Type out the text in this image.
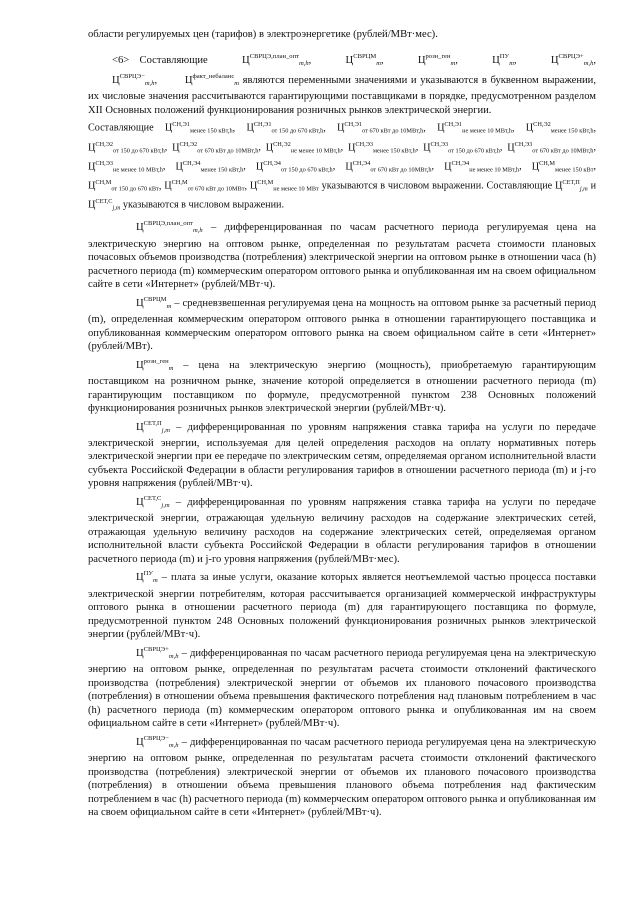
области регулируемых цен (тарифов) в электроэнергетике (рублей/МВт·мес).

<6> Составляющие	$Ц^{СВРЦЭ,план\_опт}_{m,h}$, $Ц^{СВРЦМ}_m$, $Ц^{розн\_ген}_m$, $Ц^{ПУ}_m$, $Ц^{СВРЦЭ+}_{m,h}$, $Ц^{СВРЦЭ-}_{m,h}$, $Ц^{факт\_небаланс}_m$ являются переменными значениями и указываются в буквенном выражении, их числовые значения рассчитываются гарантирующими поставщиками в порядке, предусмотренном разделом XII Основных положений функционирования розничных рынков электрической энергии.

Составляющие $Ц^{СН,Э1}менее$ 150 кВт,h, $Ц^{СН,Э1}от$ 150 до 670 кВт,h, $Ц^{СН,Э1}от$ 670 кВт до 10МВт,h, $Ц^{СН,Э1}не$ менее 10 МВт,h, $Ц^{СН,Э2}менее$ 150 кВт,h, $Ц^{СН,Э2}от$ 150 до 670 кВт,h, $Ц^{СН,Э2}от$ 670 кВт до 10МВт,h, $Ц^{СН,Э2}не$ менее 10 МВт,h, $Ц^{СН,Э3}менее$ 150 кВт,h, $Ц^{СН,Э3}от$ 150 до 670 кВт,h, $Ц^{СН,Э3}от$ 670 кВт до 10МВт,h, $Ц^{СН,Э3}не$ менее 10 МВт,h, $Ц^{СН,Э4}менее$ 150 кВт,h, $Ц^{СН,Э4}от$ 150 до 670 кВт,h, $Ц^{СН,Э4}от$ 670 кВт до 10МВт,h, $Ц^{СН,Э4}не$ менее 10 МВт,h, $Ц^{СН,М}менее$ 150 кВт, $Ц^{СН,М}от$ 150 до 670 кВт, $Ц^{СН,М}от$ 670 кВт до 10МВт, $Ц^{СН,М}не$ менее 10 МВт указываются в числовом выражении. Составляющие $Ц^{СЕТ,П}_{j,m}$ и $Ц^{СЕТ,С}_{j,m}$ указываются в числовом выражении.

$Ц^{СВРЦЭ,план\_опт}_{m,h}$ – дифференцированная по часам расчетного периода регулируемая цена на электрическую энергию на оптовом рынке, определенная по результатам расчета стоимости плановых почасовых объемов производства (потребления) электрической энергии на оптовом рынке в отношении часа (h) расчетного периода (m) коммерческим оператором оптового рынка и опубликованная им на своем официальном сайте в сети «Интернет» (рублей/МВт·ч).

$Ц^{СВРЦМ}_m$ – средневзвешенная регулируемая цена на мощность на оптовом рынке за расчетный период (m), определенная коммерческим оператором оптового рынка в отношении гарантирующего поставщика и опубликованная коммерческим оператором оптового рынка на своем официальном сайте в сети «Интернет» (рублей/МВт).

$Ц^{розн\_ген}_m$ – цена на электрическую энергию (мощность), приобретаемую гарантирующим поставщиком на розничном рынке, значение которой определяется в отношении расчетного периода (m) гарантирующим поставщиком по формуле, предусмотренной пунктом 238 Основных положений функционирования розничных рынков электрической энергии (рублей/МВт·ч).

$Ц^{СЕТ,П}_{j,m}$ – дифференцированная по уровням напряжения ставка тарифа на услуги по передаче электрической энергии, используемая для целей определения расходов на оплату нормативных потерь электрической энергии при ее передаче по электрическим сетям, определяемая органом исполнительной власти субъекта Российской Федерации в области регулирования тарифов в отношении расчетного периода (m) и j-го уровня напряжения (рублей/МВт·ч).

$Ц^{СЕТ,С}_{j,m}$ – дифференцированная по уровням напряжения ставка тарифа на услуги по передаче электрической энергии, отражающая удельную величину расходов на содержание электрических сетей, отражающая удельную величину расходов на содержание электрических сетей, определяемая органом исполнительной власти субъекта Российской Федерации в области регулирования тарифов в отношении расчетного периода (m) и j-го уровня напряжения (рублей/МВт·мес).

$Ц^{ПУ}_m$ – плата за иные услуги, оказание которых является неотъемлемой частью процесса поставки электрической энергии потребителям, которая рассчитывается организацией коммерческой инфраструктуры оптового рынка в отношении расчетного периода (m) для гарантирующего поставщика по формуле, предусмотренной пунктом 248 Основных положений функционирования розничных рынков электрической энергии (рублей/МВт·ч).

$Ц^{СВРЦЭ+}_{m,h}$ – дифференцированная по часам расчетного периода регулируемая цена на электрическую энергию на оптовом рынке, определенная по результатам расчета стоимости отклонений фактического производства (потребления) электрической энергии от объемов их планового почасового производства (потребления) в отношении объема превышения фактического потребления над плановым потреблением в час (h) расчетного периода (m) коммерческим оператором оптового рынка и опубликованная им на своем официальном сайте в сети «Интернет» (рублей/МВт·ч).

$Ц^{СВРЦЭ-}_{m,h}$ – дифференцированная по часам расчетного периода регулируемая цена на электрическую энергию на оптовом рынке, определенная по результатам расчета стоимости отклонений фактического производства (потребления) электрической энергии от объемов их планового почасового производства (потребления) в отношении объема превышения планового объема потребления над фактическим потреблением в час (h) расчетного периода (m) коммерческим оператором оптового рынка и опубликованная им на своем официальном сайте в сети «Интернет» (рублей/МВт·ч).
